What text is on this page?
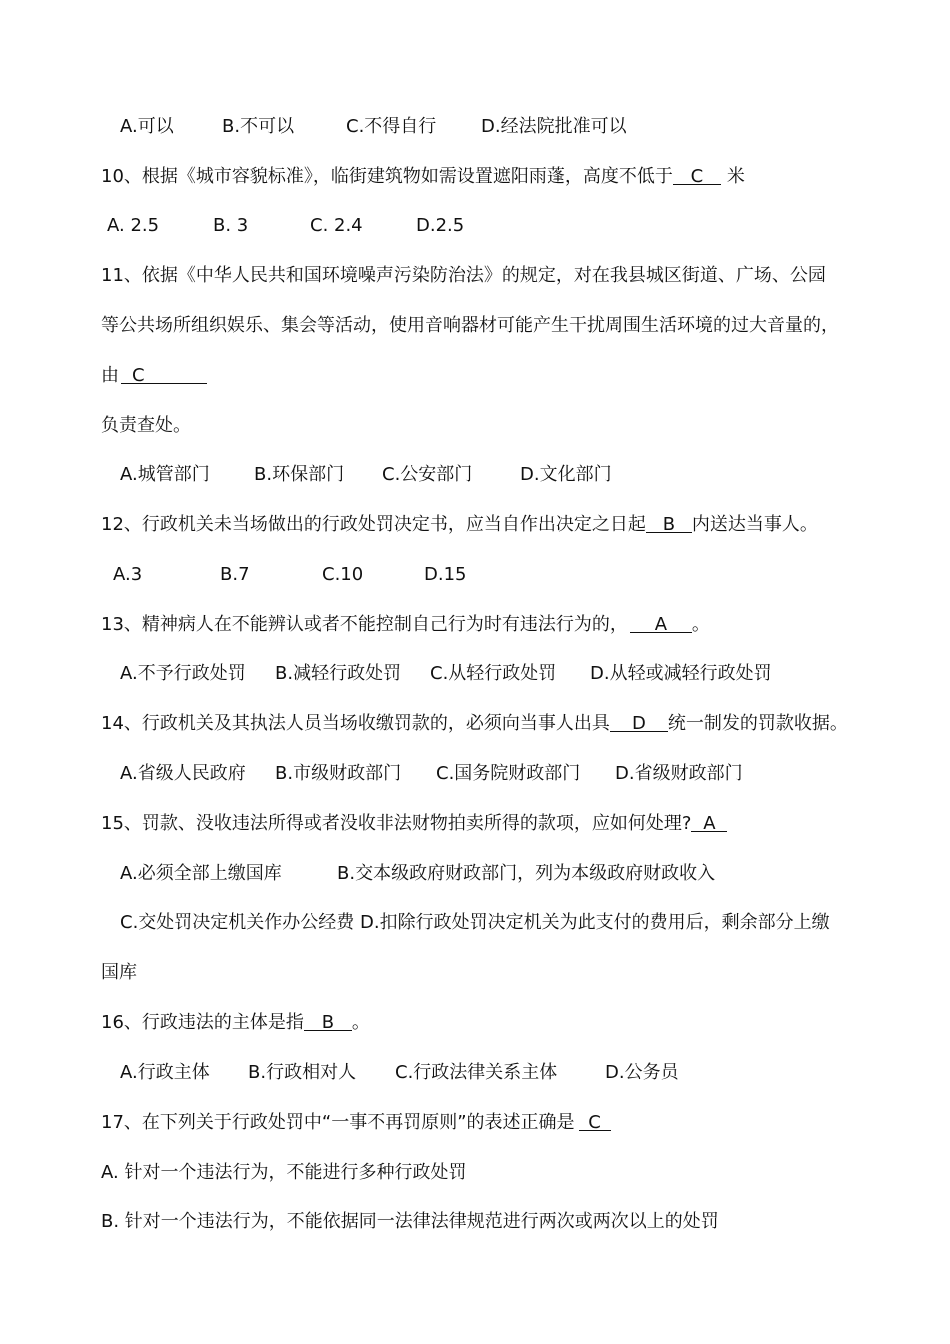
A.可以	B.不可以	C.不得自行 D.经法院批准可以
10、根据《城市容貌标准》，临街建筑物如需设置遮阳雨蓬，高度不低于 C 米
A. 2.5	B. 3	C. 2.4	D.2.5
11、依据《中华人民共和国环境噪声污染防治法》的规定，对在我县城区街道、广场、公园
等公共场所组织娱乐、集会等活动，使用音响器材可能产生干扰周围生活环境的过大音量的，
由 C
负责查处。
A.城管部门 B.环保部门 C.公安部门	D.文化部门
12、行政机关未当场做出的行政处罚决定书，应当自作出决定之日起 B 内送达当事人。
A.3	B.7	C.10	D.15
13、精神病人在不能辨认或者不能控制自己行为时有违法行为的， A 。
A.不予行政处罚 B.减轻行政处罚 C.从轻行政处罚 D.从轻或减轻行政处罚
14、行政机关及其执法人员当场收缴罚款的，必须向当事人出具 D 统一制发的罚款收据。
A.省级人民政府 B.市级财政部门 C.国务院财政部门 D.省级财政部门
15、罚款、没收违法所得或者没收非法财物拍卖所得的款项，应如何处理? A
A.必须全部上缴国库	B.交本级政府财政部门，列为本级政府财政收入
C.交处罚决定机关作办公经费 D.扣除行政处罚决定机关为此支付的费用后，剩余部分上缴
国库
16、行政违法的主体是指 B 。
A.行政主体 B.行政相对人 C.行政法律关系主体	D.公务员
17、在下列关于行政处罚中“一事不再罚原则”的表述正确是 C
A. 针对一个违法行为，不能进行多种行政处罚
B. 针对一个违法行为，不能依据同一法律法律规范进行两次或两次以上的处罚
